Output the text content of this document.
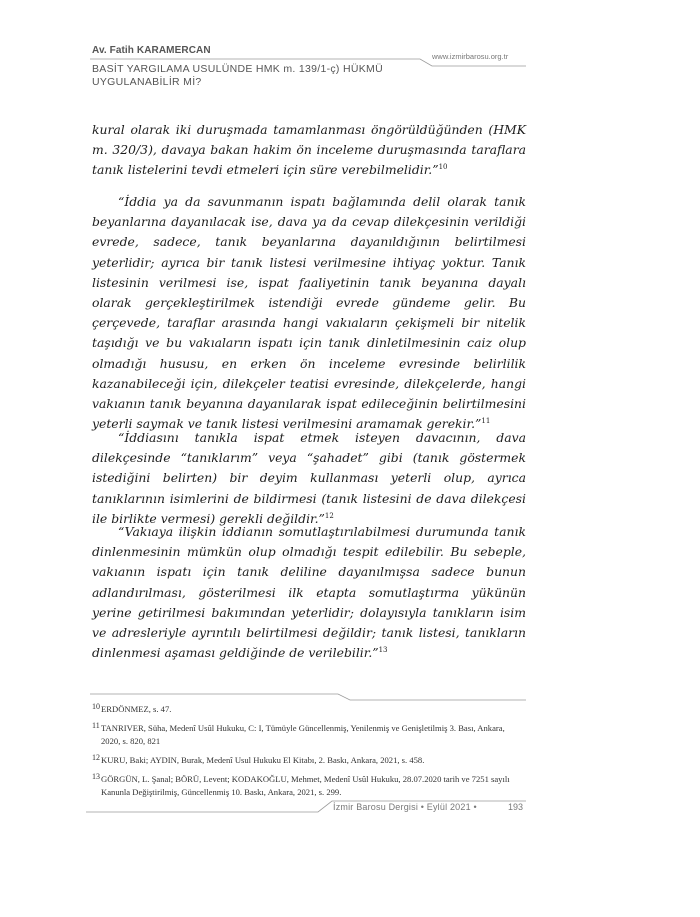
Av. Fatih KARAMERCAN
BASİT YARGILAMA USULÜNDE HMK m. 139/1-ç) HÜKMÜ
UYGULANABİLİR Mİ?
www.izmirbarosu.org.tr

kural olarak iki duruşmada tamamlanması öngörüldüğünden (HMK m. 320/3), davaya bakan hakim ön inceleme duruşmasında taraflara tanık listelerini tevdi etmeleri için süre verebilmelidir.”$^{10}$

“İddia ya da savunmanın ispatı bağlamında delil olarak tanık beyanlarına dayanılacak ise, dava ya da cevap dilekçesinin verildiği evrede, sadece, tanık beyanlarına dayanıldığının belirtilmesi yeterlidir; ayrıca bir tanık listesi verilmesine ihtiyaç yoktur. Tanık listesinin verilmesi ise, ispat faaliyetinin tanık beyanına dayalı olarak gerçekleştirilmek istendiği evrede gündeme gelir. Bu çerçevede, taraflar arasında hangi vakıaların çekişmeli bir nitelik taşıdığı ve bu vakıaların ispatı için tanık dinletilmesinin caiz olup olmadığı hususu, en erken ön inceleme evresinde belirlilik kazanabileceği için, dilekçeler teatisi evresinde, dilekçelerde, hangi vakıanın tanık beyanına dayanılarak ispat edileceğinin belirtilmesini yeterli saymak ve tanık listesi verilmesini aramamak gerekir.”$^{11}$

“İddiasını tanıkla ispat etmek isteyen davacının, dava dilekçesinde “tanıklarım” veya “şahadet” gibi (tanık göstermek istediğini belirten) bir deyim kullanması yeterli olup, ayrıca tanıklarının isimlerini de bildirmesi (tanık listesini de dava dilekçesi ile birlikte vermesi) gerekli değildir.”$^{12}$

“Vakıaya ilişkin iddianın somutlaştırılabilmesi durumunda tanık dinlenmesinin mümkün olup olmadığı tespit edilebilir. Bu sebeple, vakıanın ispatı için tanık deliline dayanılmışsa sadece bunun adlandırılması, gösterilmesi ilk etapta somutlaştırma yükünün yerine getirilmesi bakımından yeterlidir; dolayısıyla tanıkların isim ve adresleriyle ayrıntılı belirtilmesi değildir; tanık listesi, tanıkların dinlenmesi aşaması geldiğinde de verilebilir.”$^{13}$

10 ERDÖNMEZ, s. 47.
11 TANRIVER, Süha, Medenî Usûl Hukuku, C: I, Tümüyle Güncellenmiş, Yenilenmiş ve Genişletilmiş 3. Bası, Ankara, 2020, s. 820, 821
12 KURU, Baki; AYDIN, Burak, Medenî Usul Hukuku El Kitabı, 2. Baskı, Ankara, 2021, s. 458.
13 GÖRGÜN, L. Şanal; BÖRÜ, Levent; KODAKOĞLU, Mehmet, Medenî Usûl Hukuku, 28.07.2020 tarih ve 7251 sayılı Kanunla Değiştirilmiş, Güncellenmiş 10. Baskı, Ankara, 2021, s. 299.
İzmir Barosu Dergisi • Eylül 2021 •	193
